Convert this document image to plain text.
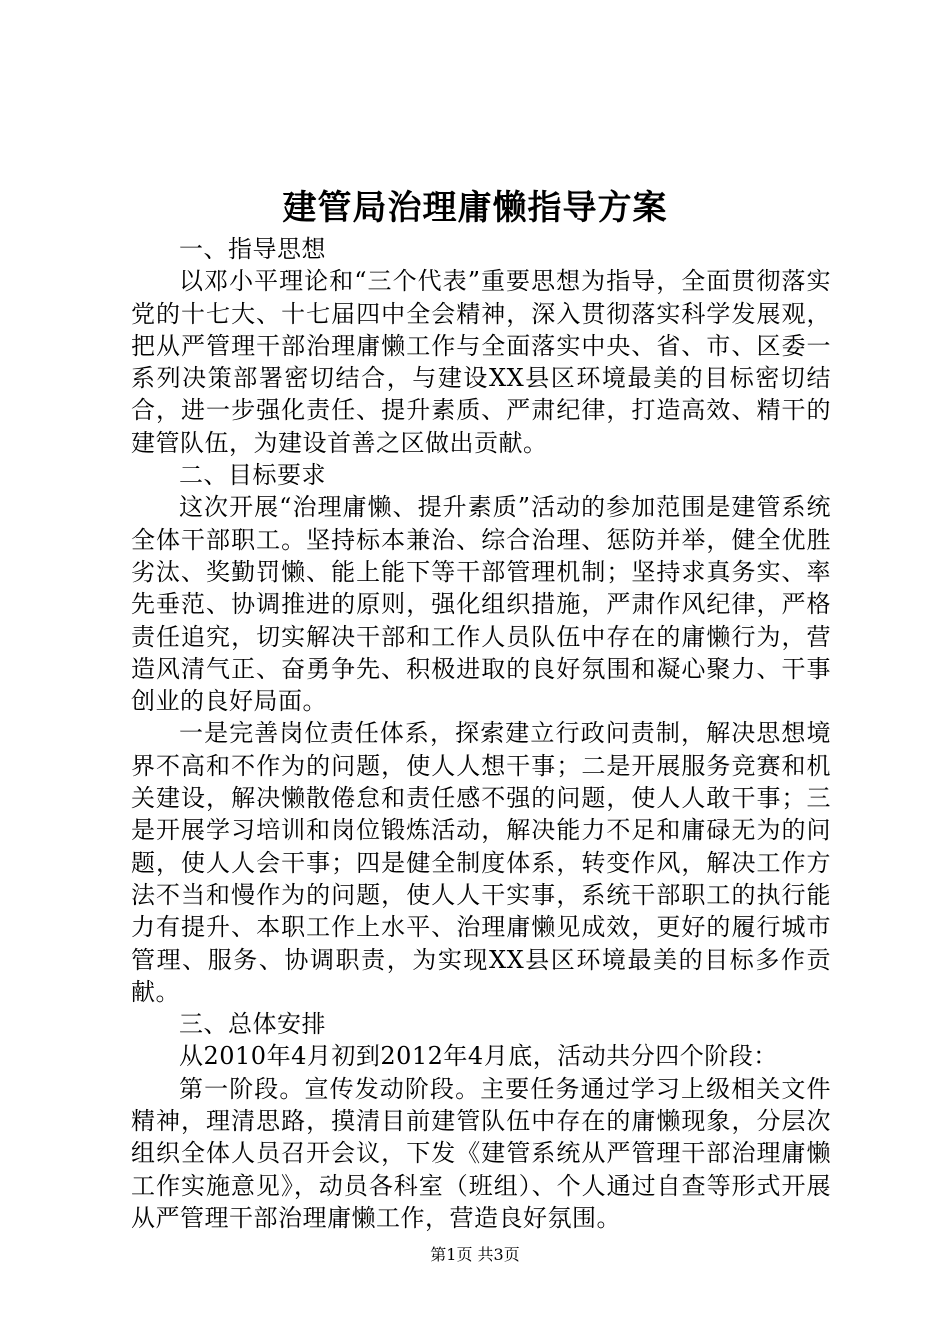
建管局治理庸懒指导方案

一、指导思想

以邓小平理论和“三个代表”重要思想为指导，全面贯彻落实党的十七大、十七届四中全会精神，深入贯彻落实科学发展观，把从严管理干部治理庸懒工作与全面落实中央、省、市、区委一系列决策部署密切结合，与建设XX县区环境最美的目标密切结合，进一步强化责任、提升素质、严肃纪律，打造高效、精干的建管队伍，为建设首善之区做出贡献。

二、目标要求

这次开展“治理庸懒、提升素质”活动的参加范围是建管系统全体干部职工。坚持标本兼治、综合治理、惩防并举，健全优胜劣汰、奖勤罚懒、能上能下等干部管理机制；坚持求真务实、率先垂范、协调推进的原则，强化组织措施，严肃作风纪律，严格责任追究，切实解决干部和工作人员队伍中存在的庸懒行为，营造风清气正、奋勇争先、积极进取的良好氛围和凝心聚力、干事创业的良好局面。

一是完善岗位责任体系，探索建立行政问责制，解决思想境界不高和不作为的问题，使人人想干事；二是开展服务竞赛和机关建设，解决懒散倦怠和责任感不强的问题，使人人敢干事；三是开展学习培训和岗位锻炼活动，解决能力不足和庸碌无为的问题，使人人会干事；四是健全制度体系，转变作风，解决工作方法不当和慢作为的问题，使人人干实事，系统干部职工的执行能力有提升、本职工作上水平、治理庸懒见成效，更好的履行城市管理、服务、协调职责，为实现XX县区环境最美的目标多作贡献。

三、总体安排

从2010年4月初到2012年4月底，活动共分四个阶段：

第一阶段。宣传发动阶段。主要任务通过学习上级相关文件精神，理清思路，摸清目前建管队伍中存在的庸懒现象，分层次组织全体人员召开会议，下发《建管系统从严管理干部治理庸懒工作实施意见》，动员各科室（班组）、个人通过自查等形式开展从严管理干部治理庸懒工作，营造良好氛围。

第1页 共3页
